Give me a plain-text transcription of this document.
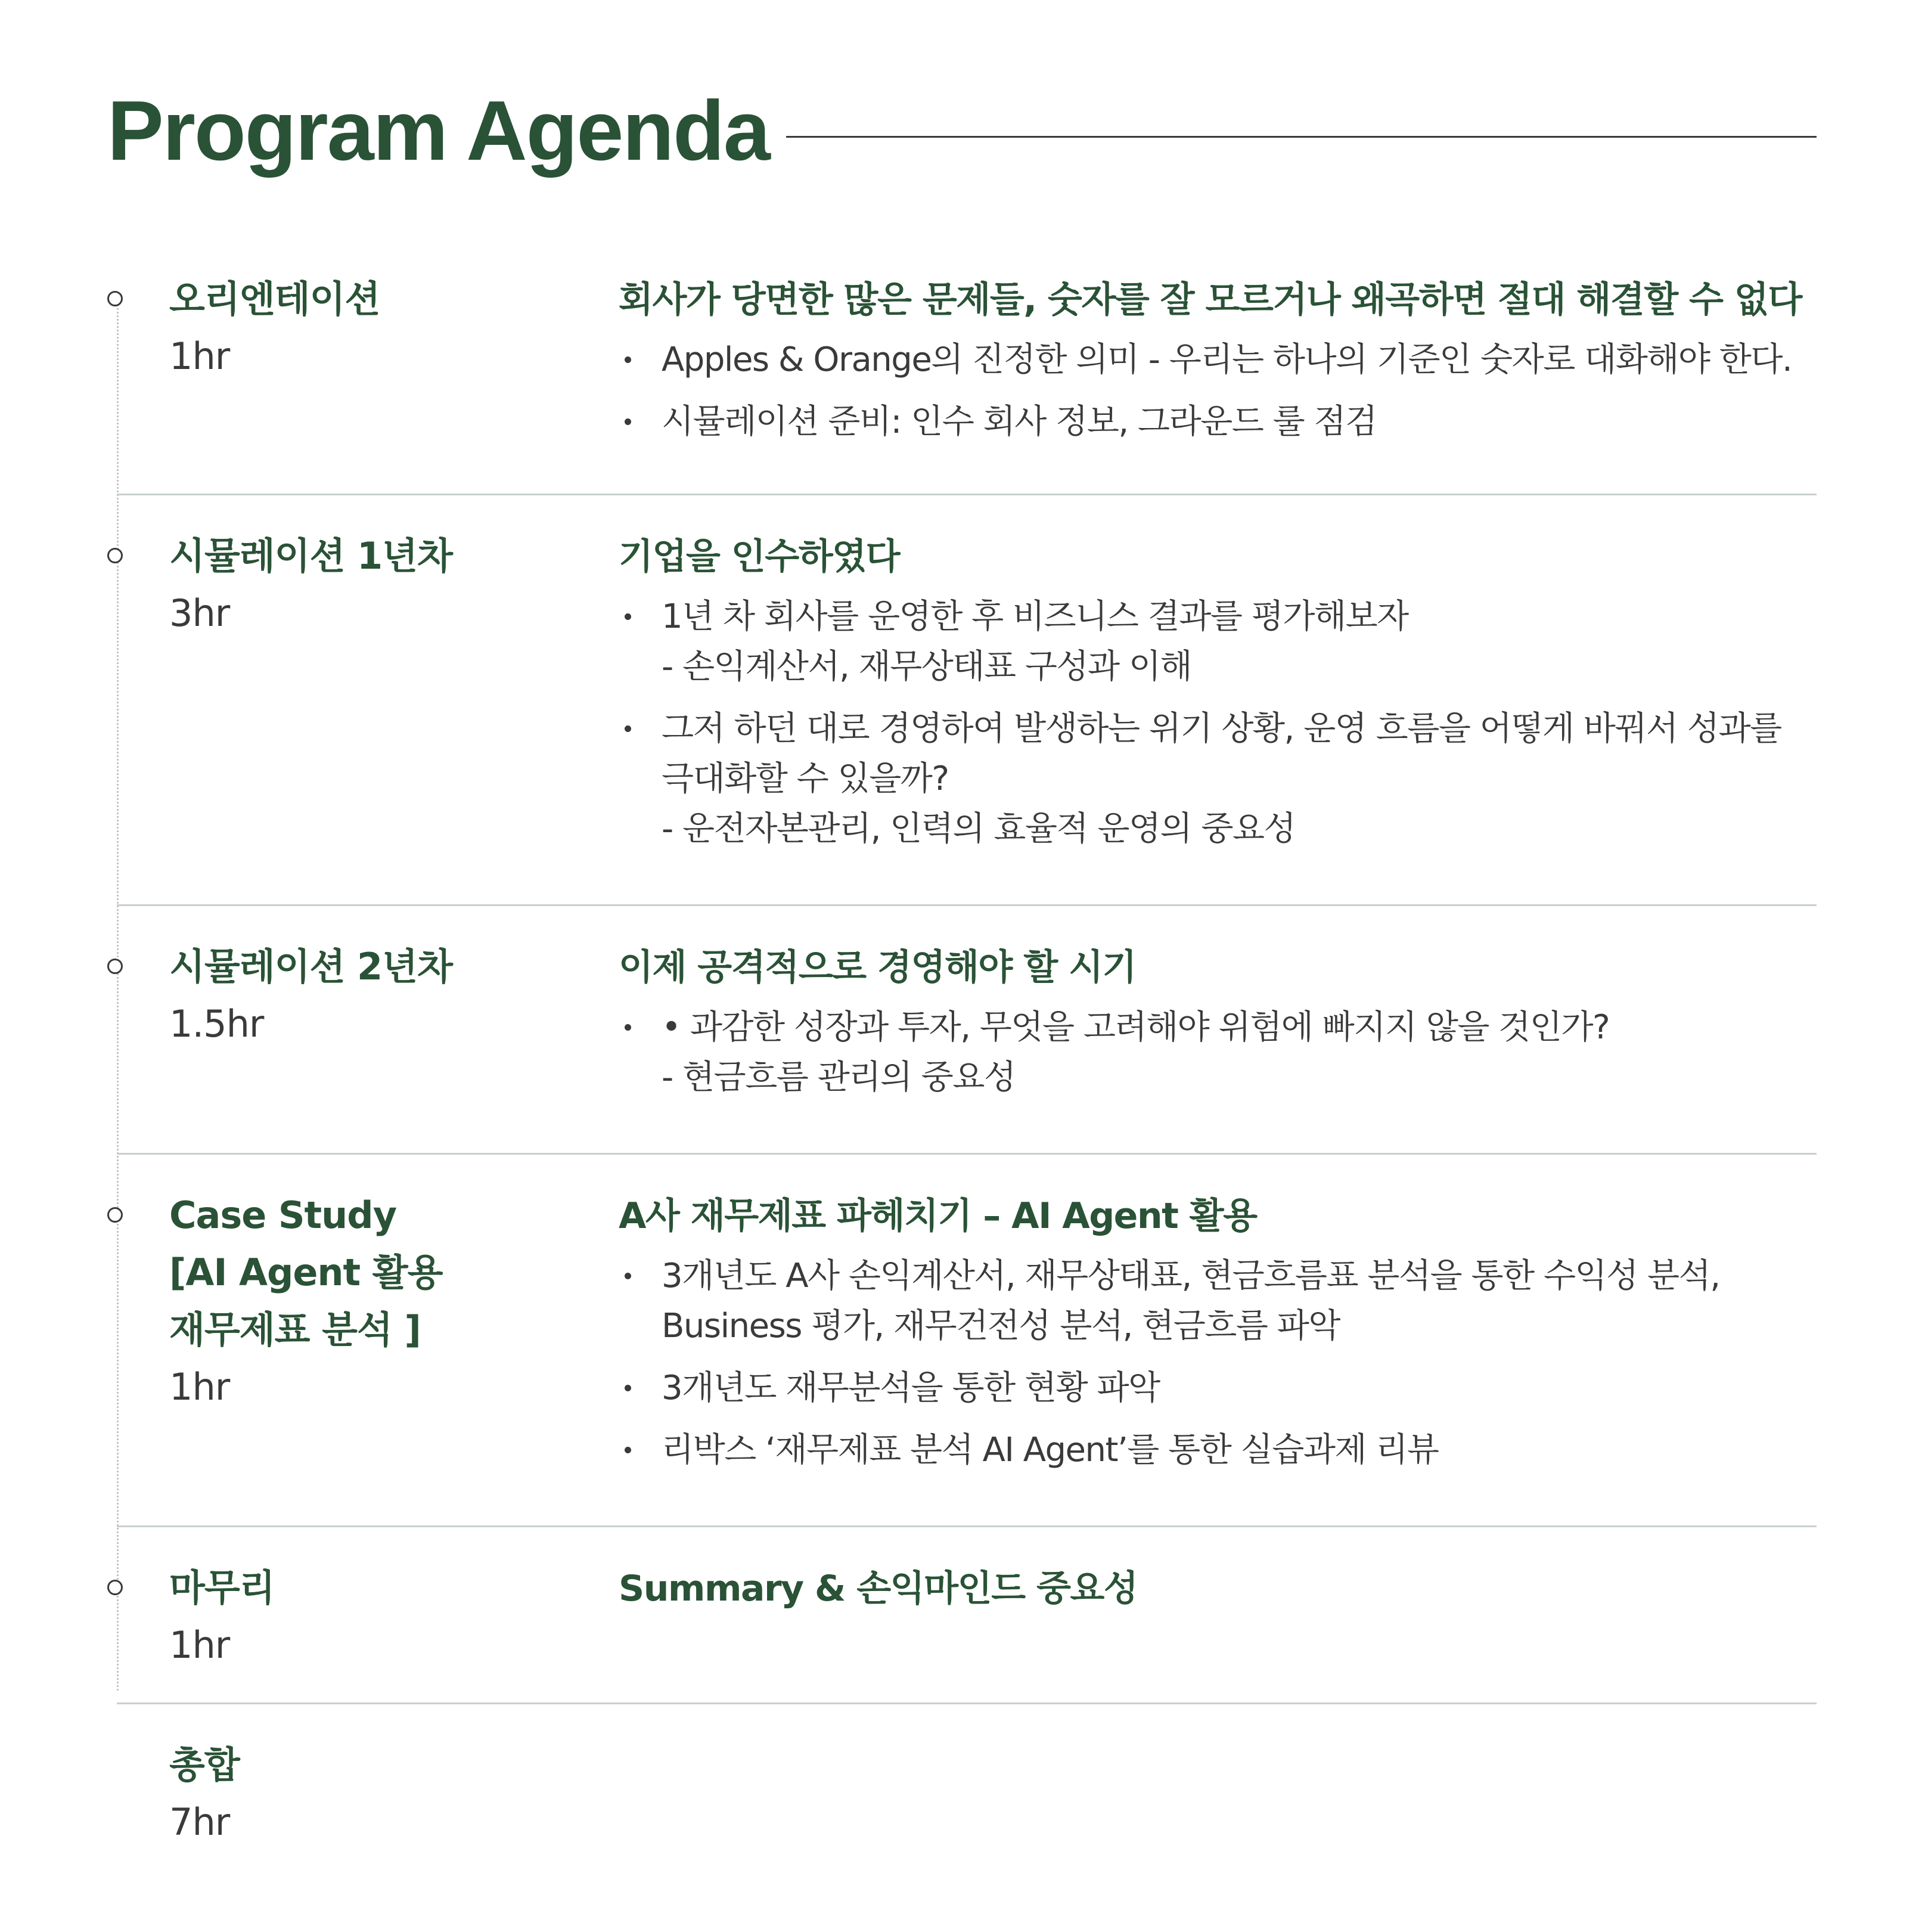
Program Agenda
오리엔테이션
1hr
회사가 당면한 많은 문제들, 숫자를 잘 모르거나 왜곡하면 절대 해결할 수 없다
Apples & Orange의 진정한 의미 - 우리는 하나의 기준인 숫자로 대화해야 한다.
시뮬레이션 준비: 인수 회사 정보, 그라운드 룰 점검
시뮬레이션 1년차
3hr
기업을 인수하였다
1년 차 회사를 운영한 후 비즈니스 결과를 평가해보자
- 손익계산서, 재무상태표 구성과 이해
그저 하던 대로 경영하여 발생하는 위기 상황, 운영 흐름을 어떻게 바꿔서 성과를
극대화할 수 있을까?
- 운전자본관리, 인력의 효율적 운영의 중요성
시뮬레이션 2년차
1.5hr
이제 공격적으로 경영해야 할 시기
• 과감한 성장과 투자, 무엇을 고려해야 위험에 빠지지 않을 것인가?
- 현금흐름 관리의 중요성
Case Study
[AI Agent 활용
재무제표 분석 ]
1hr
A사 재무제표 파헤치기 – AI Agent 활용
3개년도 A사 손익계산서, 재무상태표, 현금흐름표 분석을 통한 수익성 분석,
Business 평가, 재무건전성 분석, 현금흐름 파악
3개년도 재무분석을 통한 현황 파악
리박스 ‘재무제표 분석 AI Agent’를 통한 실습과제 리뷰
마무리
1hr
Summary & 손익마인드 중요성
총합
7hr
